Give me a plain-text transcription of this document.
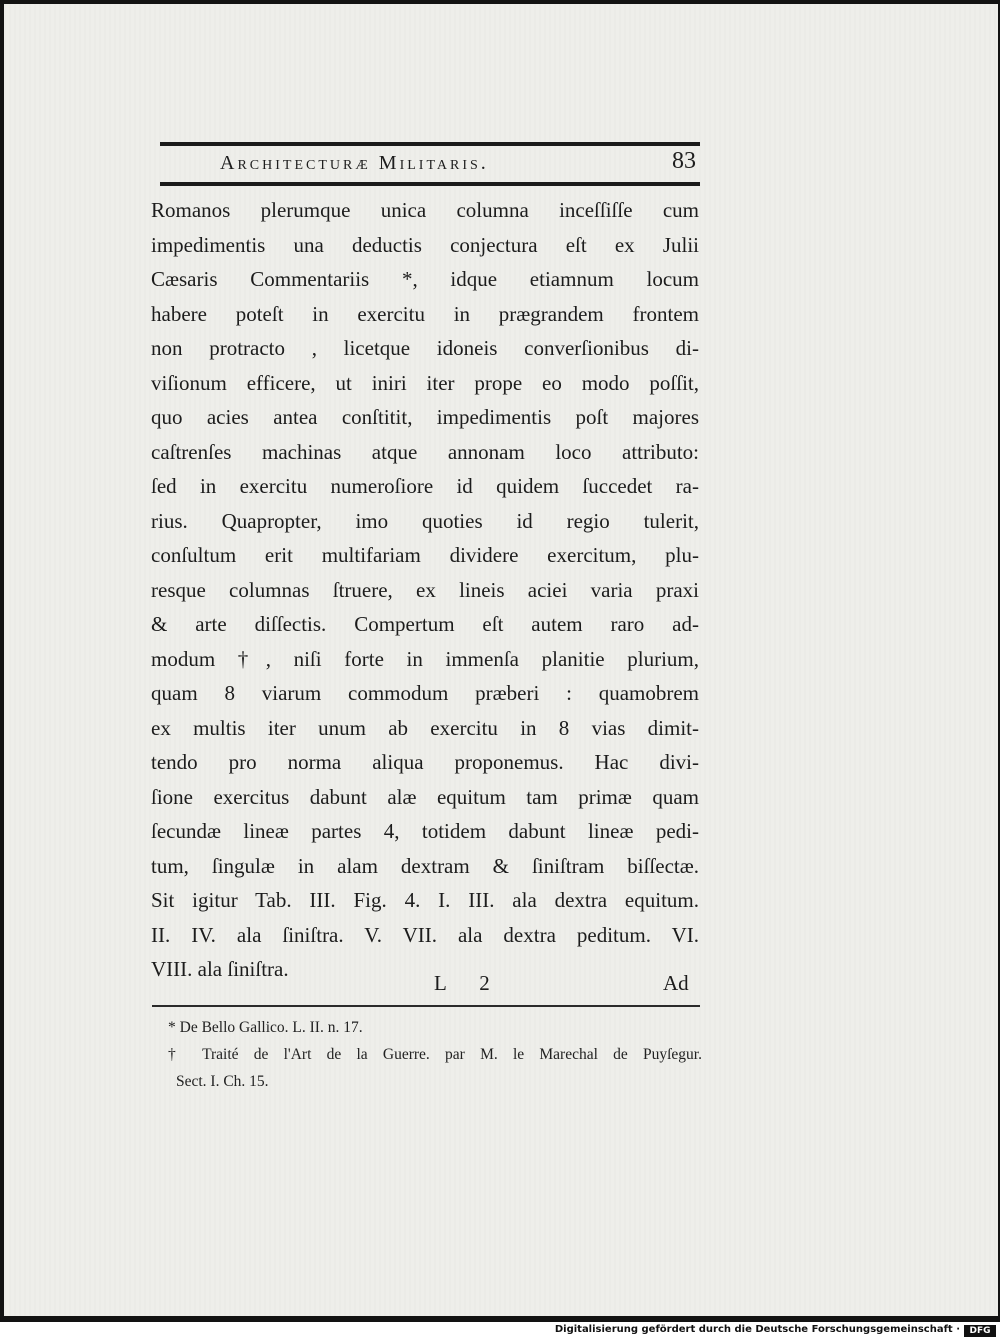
Architecturæ Militaris.	83
Romanos plerumque unica columna inceſſiſſe cum
impedimentis una deductis conjectura eſt ex Julii
Cæsaris Commentariis *, idque etiamnum locum
habere poteſt in exercitu in prægrandem frontem
non protracto , licetque idoneis converſionibus di-
viſionum efficere, ut iniri iter prope eo modo poſſit,
quo acies antea conſtitit, impedimentis poſt majores
caſtrenſes machinas atque annonam loco attributo:
ſed in exercitu numeroſiore id quidem ſuccedet ra-
rius. Quapropter, imo quoties id regio tulerit,
conſultum erit multifariam dividere exercitum, plu-
resque columnas ſtruere, ex lineis aciei varia praxi
& arte diſſectis. Compertum eſt autem raro ad-
modum †, niſi forte in immenſa planitie plurium,
quam 8 viarum commodum præberi : quamobrem
ex multis iter unum ab exercitu in 8 vias dimit-
tendo pro norma aliqua proponemus. Hac divi-
ſione exercitus dabunt alæ equitum tam primæ quam
ſecundæ lineæ partes 4, totidem dabunt lineæ pedi-
tum, ſingulæ in alam dextram & ſiniſtram biſſectæ.
Sit igitur Tab. III. Fig. 4. I. III. ala dextra equitum.
II. IV. ala ſiniſtra. V. VII. ala dextra peditum. VI.
VIII. ala ſiniſtra.
L 2	Ad
* De Bello Gallico. L. II. n. 17.
† Traité de l'Art de la Guerre. par M. le Marechal de Puyſegur.
Sect. I. Ch. 15.
Digitalisierung gefördert durch die Deutsche Forschungsgemeinschaft ·	DFG
